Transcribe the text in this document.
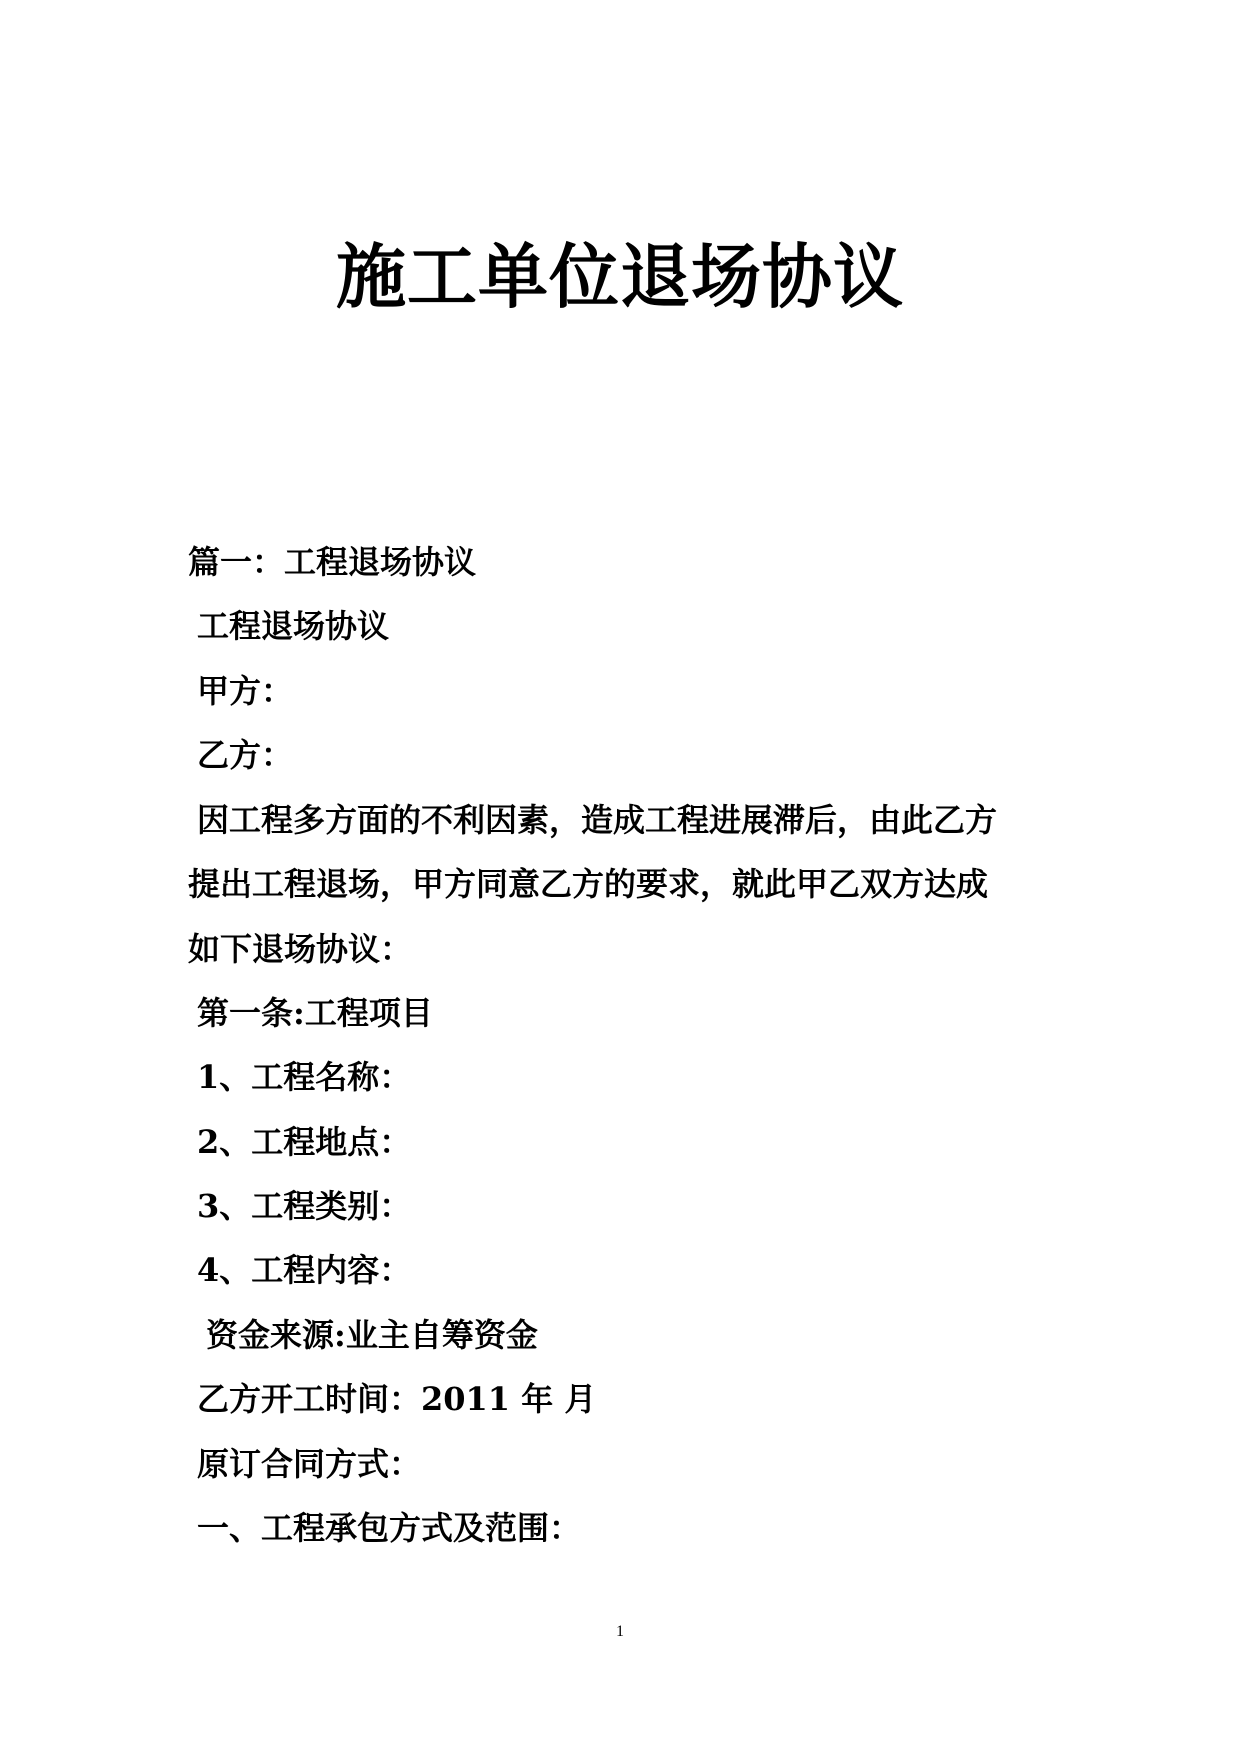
施工单位退场协议

篇一：工程退场协议

工程退场协议

甲方：

乙方：

因工程多方面的不利因素，造成工程进展滞后，由此乙方

提出工程退场，甲方同意乙方的要求，就此甲乙双方达成

如下退场协议：

第一条:工程项目

1、工程名称：

2、工程地点：

3、工程类别：

4、工程内容：

资金来源:业主自筹资金

乙方开工时间：2011 年 月

原订合同方式：

一、工程承包方式及范围：

1
